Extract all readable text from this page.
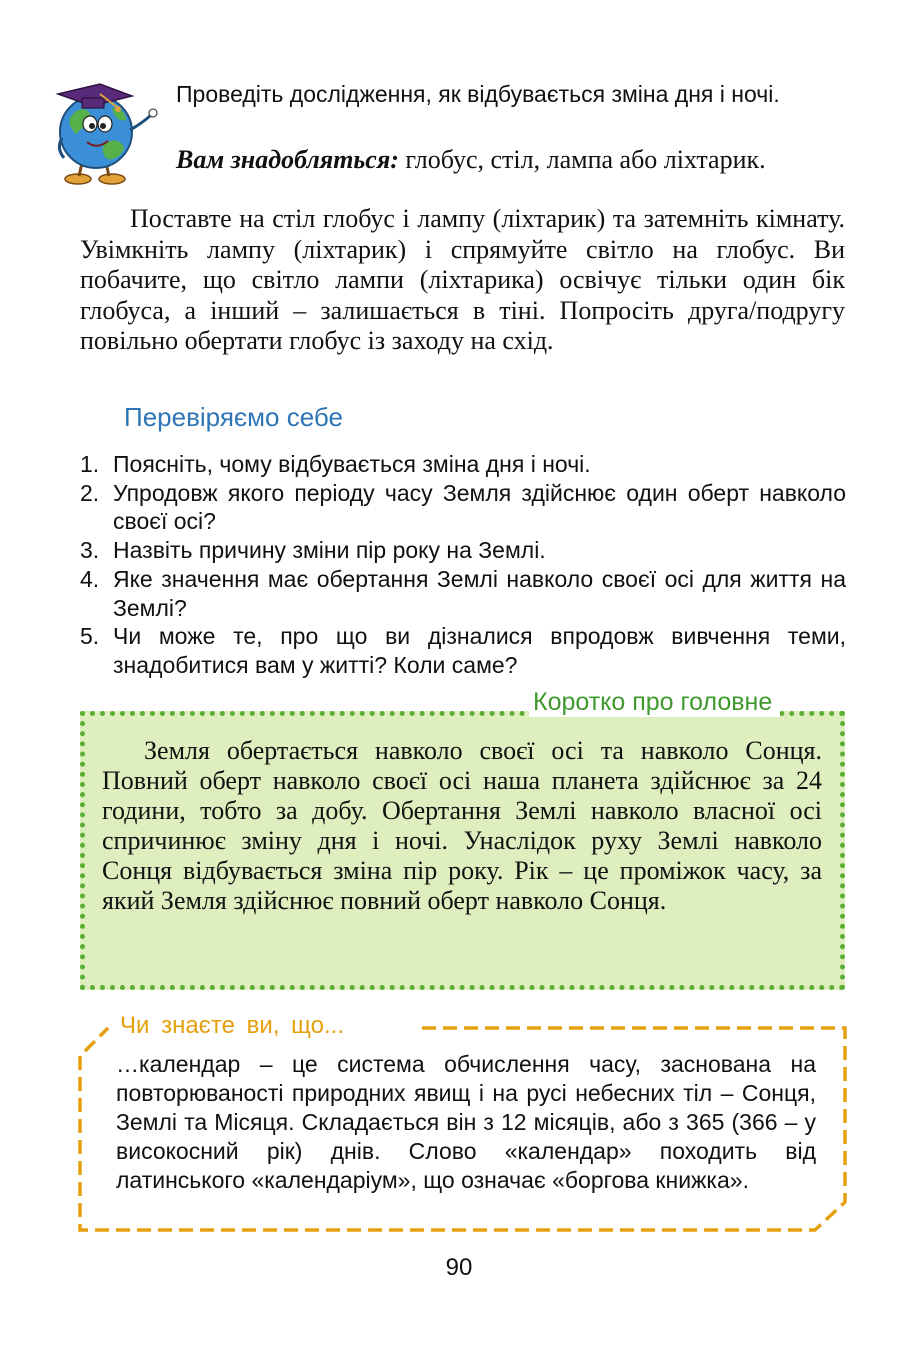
Проведіть дослідження, як відбувається зміна дня і ночі.
Вам знадобляться: глобус, стіл, лампа або ліхтарик.
Поставте на стіл глобус і лампу (ліхтарик) та затемніть кімнату. Увімкніть лампу (ліхтарик) і спрямуйте світло на глобус. Ви побачите, що світло лампи (ліхтарика) освічує тільки один бік глобуса, а інший – залишається в тіні. Попросіть друга/подругу повільно обертати глобус із заходу на схід.
Перевіряємо себе
1. Поясніть, чому відбувається зміна дня і ночі.
2. Упродовж якого періоду часу Земля здійснює один оберт навколо своєї осі?
3. Назвіть причину зміни пір року на Землі.
4. Яке значення має обертання Землі навколо своєї осі для життя на Землі?
5. Чи може те, про що ви дізналися впродовж вивчення теми, знадобитися вам у житті? Коли саме?
Коротко про головне
Земля обертається навколо своєї осі та навколо Сонця. Повний оберт навколо своєї осі наша планета здійснює за 24 години, тобто за добу. Обертання Землі навколо власної осі спричинює зміну дня і ночі. Унаслідок руху Землі навколо Сонця відбувається зміна пір року. Рік – це проміжок часу, за який Земля здійснює повний оберт навколо Сонця.
Чи знаєте ви, що...
…календар – це система обчислення часу, заснована на повторюваності природних явищ і на русі небесних тіл – Сонця, Землі та Місяця. Складається він з 12 місяців, або з 365 (366 – у високосний рік) днів. Слово «календар» походить від латинського «календаріум», що означає «боргова книжка».
90
